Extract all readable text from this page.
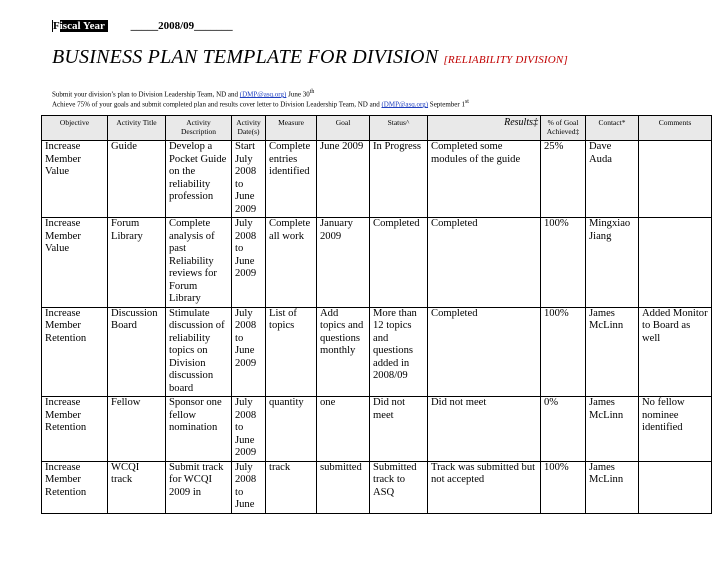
Fiscal Year _____2008/09_______
BUSINESS PLAN TEMPLATE FOR DIVISION [RELIABILITY DIVISION]
Submit your division’s plan to Division Leadership Team, ND and (DMP@asq.org) June 30th
Achieve 75% of your goals and submit completed plan and results cover letter to Division Leadership Team, ND and (DMP@asq.org) September 1st
Objective	Activity Title	Activity Description	Activity Date(s)	Measure	Goal	Status^	Results‡	% of Goal Achieved‡	Contact*	Comments
Increase Member Value	Guide	Develop a Pocket Guide on the reliability profession	Start July 2008 to June 2009	Complete entries identified	June 2009	In Progress	Completed some modules of the guide	25%	Dave Auda	
Increase Member Value	Forum Library	Complete analysis of past Reliability reviews for Forum Library	July 2008 to June 2009	Complete all work	January 2009	Completed	Completed	100%	Mingxiao Jiang	
Increase Member Retention	Discussion Board	Stimulate discussion of reliability topics on Division discussion board	July 2008 to June 2009	List of topics	Add topics and questions monthly	More than 12 topics and questions added in 2008/09	Completed	100%	James McLinn	Added Monitor to Board as well
Increase Member Retention	Fellow	Sponsor one fellow nomination	July 2008 to June 2009	quantity	one	Did not meet	Did not meet	0%	James McLinn	No fellow nominee identified
Increase Member Retention	WCQI track	Submit track for WCQI 2009 in	July 2008 to June	track	submitted	Submitted track to ASQ	Track was submitted but not accepted	100%	James McLinn	
